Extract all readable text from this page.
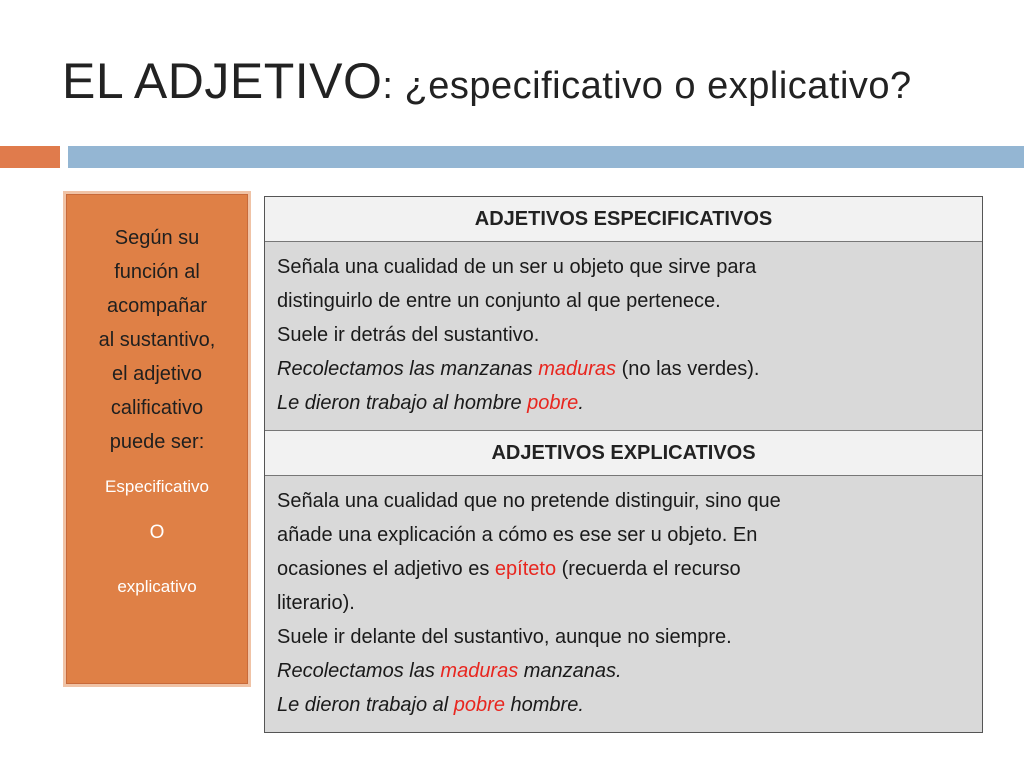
EL ADJETIVO: ¿especificativo o explicativo?
Según su
función al
acompañar
al sustantivo,
el adjetivo
calificativo
puede ser:
Especificativo
O
explicativo
ADJETIVOS ESPECIFICATIVOS
Señala una cualidad de un ser u objeto que sirve para
distinguirlo de entre un conjunto al que pertenece.
Suele ir detrás del sustantivo.
Recolectamos las manzanas maduras (no las verdes).
Le dieron trabajo al hombre pobre.
ADJETIVOS EXPLICATIVOS
Señala una cualidad que no pretende distinguir, sino que
añade una explicación a cómo es ese ser u objeto. En
ocasiones el adjetivo es epíteto (recuerda el recurso
literario).
Suele ir delante del sustantivo, aunque no siempre.
Recolectamos las maduras manzanas.
Le dieron trabajo al pobre hombre.
